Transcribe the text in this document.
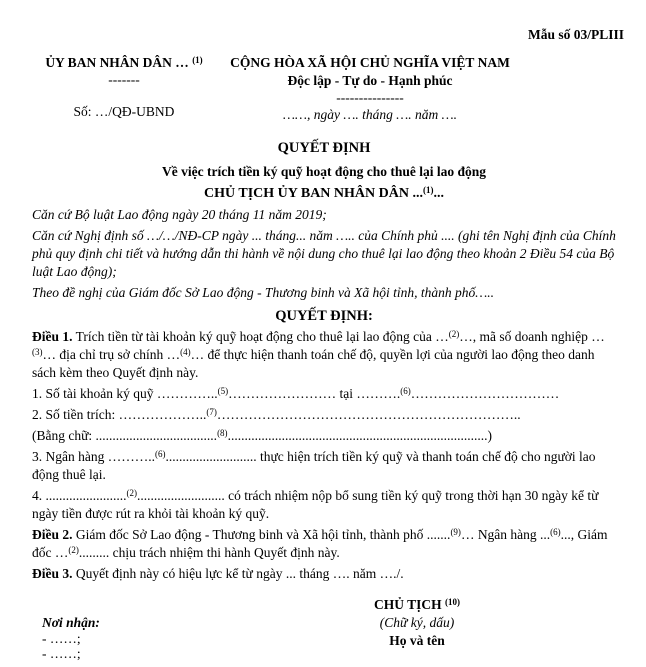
Mẫu số 03/PLIII
ỦY BAN NHÂN DÂN … $^{(1)}$
-------
Số: …/QĐ-UBND
CỘNG HÒA XÃ HỘI CHỦ NGHĨA VIỆT NAM
Độc lập - Tự do - Hạnh phúc
---------------
……, ngày …. tháng …. năm ….
QUYẾT ĐỊNH
Về việc trích tiền ký quỹ hoạt động cho thuê lại lao động
CHỦ TỊCH ỦY BAN NHÂN DÂN ...$^{(1)}$...

Căn cứ Bộ luật Lao động ngày 20 tháng 11 năm 2019;

Căn cứ Nghị định số …/…/NĐ-CP ngày ... tháng... năm ….. của Chính phủ .... (ghi tên Nghị định của Chính phủ quy định chi tiết và hướng dẫn thi hành về nội dung cho thuê lại lao động theo khoản 2 Điều 54 của Bộ luật Lao động);

Theo đề nghị của Giám đốc Sở Lao động - Thương binh và Xã hội tỉnh, thành phố…..

QUYẾT ĐỊNH:

Điều 1. Trích tiền từ tài khoản ký quỹ hoạt động cho thuê lại lao động của …$^{(2)}$…, mã số doanh nghiệp …$^{(3)}$… địa chỉ trụ sở chính …$^{(4)}$… để thực hiện thanh toán chế độ, quyền lợi của người lao động theo danh sách kèm theo Quyết định này.

1. Số tài khoản ký quỹ …………..$^{(5)}$…………………… tại ……….$^{(6)}$……………………………

2. Số tiền trích: ………………..$^{(7)}$…………………………………………………………..

(Bằng chữ: ....................................$^{(8)}$.............................................................................)

3. Ngân hàng ………..$^{(6)}$........................... thực hiện trích tiền ký quỹ và thanh toán chế độ cho người lao động thuê lại.

4. ........................$^{(2)}$.......................... có trách nhiệm nộp bổ sung tiền ký quỹ trong thời hạn 30 ngày kể từ ngày tiền được rút ra khỏi tài khoản ký quỹ.

Điều 2. Giám đốc Sở Lao động - Thương binh và Xã hội tỉnh, thành phố .......$^{(9)}$… Ngân hàng ...$^{(6)}$..., Giám đốc …$^{(2)}$......... chịu trách nhiệm thi hành Quyết định này.

Điều 3. Quyết định này có hiệu lực kể từ ngày ... tháng …. năm …./.

Nơi nhận:
- ……;
- ……;
CHỦ TỊCH $^{(10)}$
(Chữ ký, dấu)
Họ và tên
